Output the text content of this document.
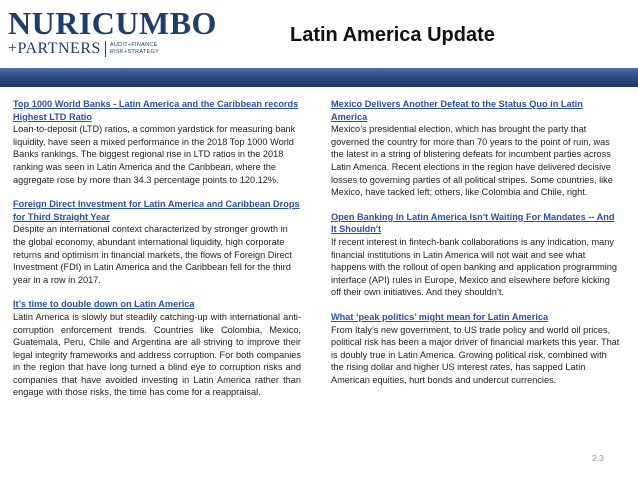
NURICUMBO
+PARTNERS AUDIT+FINANCE
RISK+STRATEGY
Latin America Update
Top 1000 World Banks - Latin America and the Caribbean records Highest LTD Ratio
Loan-to-deposit (LTD) ratios, a common yardstick for measuring bank liquidity, have seen a mixed performance in the 2018 Top 1000 World Banks rankings. The biggest regional rise in LTD ratios in the 2018 ranking was seen in Latin America and the Caribbean, where the aggregate rose by more than 34.3 percentage points to 120.12%.
Foreign Direct Investment for Latin America and Caribbean Drops for Third Straight Year
Despite an international context characterized by stronger growth in the global economy, abundant international liquidity, high corporate returns and optimism in financial markets, the flows of Foreign Direct Investment (FDI) in Latin America and the Caribbean fell for the third year in a row in 2017.
It’s time to double down on Latin America
Latin America is slowly but steadily catching-up with international anti-corruption enforcement trends. Countries like Colombia, Mexico, Guatemala, Peru, Chile and Argentina are all striving to improve their legal integrity frameworks and address corruption. For both companies in the region that have long turned a blind eye to corruption risks and companies that have avoided investing in Latin America rather than engage with those risks, the time has come for a reappraisal.
Mexico Delivers Another Defeat to the Status Quo in Latin America
Mexico’s presidential election, which has brought the party that governed the country for more than 70 years to the point of ruin, was the latest in a string of blistering defeats for incumbent parties across Latin America. Recent elections in the region have delivered decisive losses to governing parties of all political stripes. Some countries, like Mexico, have tacked left; others, like Colombia and Chile, right.
Open Banking In Latin America Isn't Waiting For Mandates -- And It Shouldn't
If recent interest in fintech-bank collaborations is any indication, many financial institutions in Latin America will not wait and see what happens with the rollout of open banking and application programming interface (API) rules in Europe, Mexico and elsewhere before kicking off their own initiatives. And they shouldn’t.
What ‘peak politics’ might mean for Latin America
From Italy’s new government, to US trade policy and world oil prices, political risk has been a major driver of financial markets this year. That is doubly true in Latin America. Growing political risk, combined with the rising dollar and higher US interest rates, has sapped Latin American equities, hurt bonds and undercut currencies.
2.3
